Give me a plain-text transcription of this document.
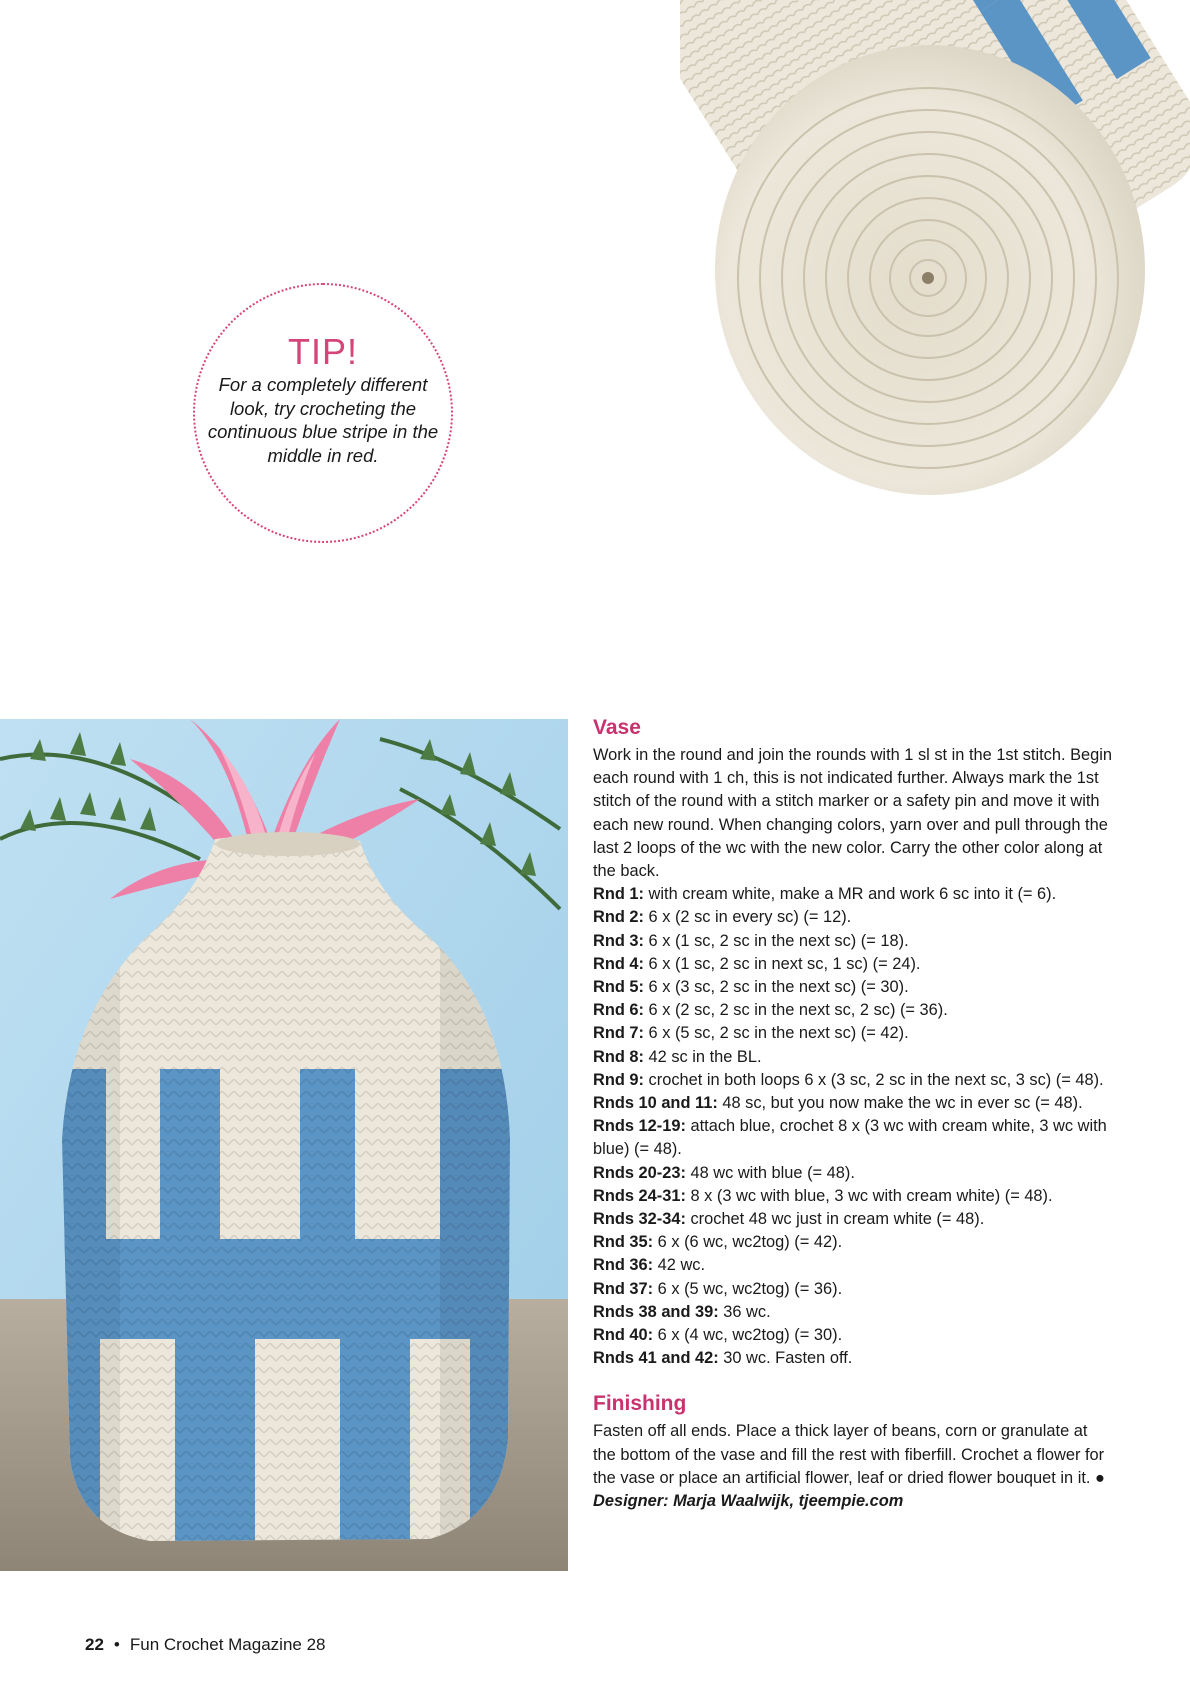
TIP!
For a completely different look, try crocheting the continuous blue stripe in the middle in red.
Vase

Work in the round and join the rounds with 1 sl st in the 1st stitch. Begin each round with 1 ch, this is not indicated further. Always mark the 1st stitch of the round with a stitch marker or a safety pin and move it with each new round. When changing colors, yarn over and pull through the last 2 loops of the wc with the new color. Carry the other color along at the back.

Rnd 1: with cream white, make a MR and work 6 sc into it (= 6).

Rnd 2: 6 x (2 sc in every sc) (= 12).

Rnd 3: 6 x (1 sc, 2 sc in the next sc) (= 18).

Rnd 4: 6 x (1 sc, 2 sc in next sc, 1 sc) (= 24).

Rnd 5: 6 x (3 sc, 2 sc in the next sc) (= 30).

Rnd 6: 6 x (2 sc, 2 sc in the next sc, 2 sc) (= 36).

Rnd 7: 6 x (5 sc, 2 sc in the next sc) (= 42).

Rnd 8: 42 sc in the BL.

Rnd 9: crochet in both loops 6 x (3 sc, 2 sc in the next sc, 3 sc) (= 48).

Rnds 10 and 11: 48 sc, but you now make the wc in ever sc (= 48).

Rnds 12-19: attach blue, crochet 8 x (3 wc with cream white, 3 wc with blue) (= 48).

Rnds 20-23: 48 wc with blue (= 48).

Rnds 24-31: 8 x (3 wc with blue, 3 wc with cream white) (= 48).

Rnds 32-34: crochet 48 wc just in cream white (= 48).

Rnd 35: 6 x (6 wc, wc2tog) (= 42).

Rnd 36: 42 wc.

Rnd 37: 6 x (5 wc, wc2tog) (= 36).

Rnds 38 and 39: 36 wc.

Rnd 40: 6 x (4 wc, wc2tog) (= 30).

Rnds 41 and 42: 30 wc. Fasten off.

Finishing

Fasten off all ends. Place a thick layer of beans, corn or granulate at the bottom of the vase and fill the rest with fiberfill. Crochet a flower for the vase or place an artificial flower, leaf or dried flower bouquet in it. ●

Designer: Marja Waalwijk, tjeempie.com

22 • Fun Crochet Magazine 28
